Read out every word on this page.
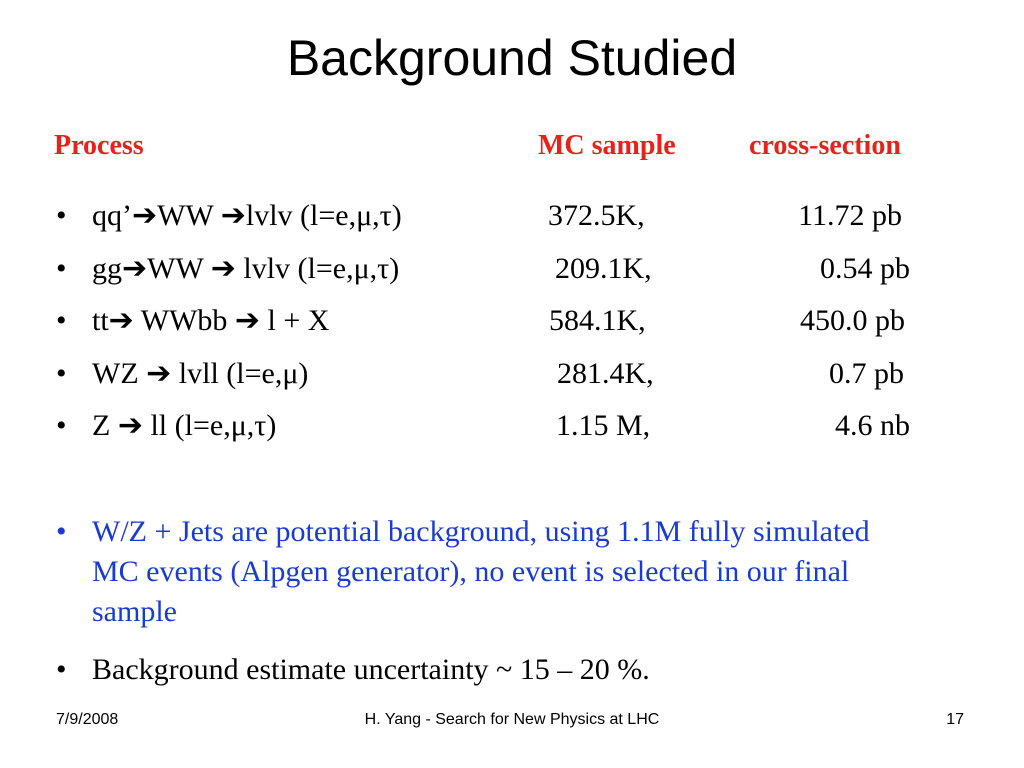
Background Studied
Process	MC sample	cross-section
• qq’➔WW ➔lvlv (l=e,μ,τ)	372.5K,	11.72 pb
• gg➔WW ➔ lvlv (l=e,μ,τ)	209.1K,	0.54 pb
• tt➔ WWbb ➔ l + X	584.1K,	450.0 pb
• WZ ➔ lvll (l=e,μ)	281.4K,	0.7 pb
• Z ➔ ll (l=e,μ,τ)	1.15 M,	4.6 nb
• W/Z + Jets are potential background, using 1.1M fully simulated MC events (Alpgen generator), no event is selected in our final sample
• Background estimate uncertainty ~ 15 – 20 %.
7/9/2008	H. Yang - Search for New Physics at LHC	17
